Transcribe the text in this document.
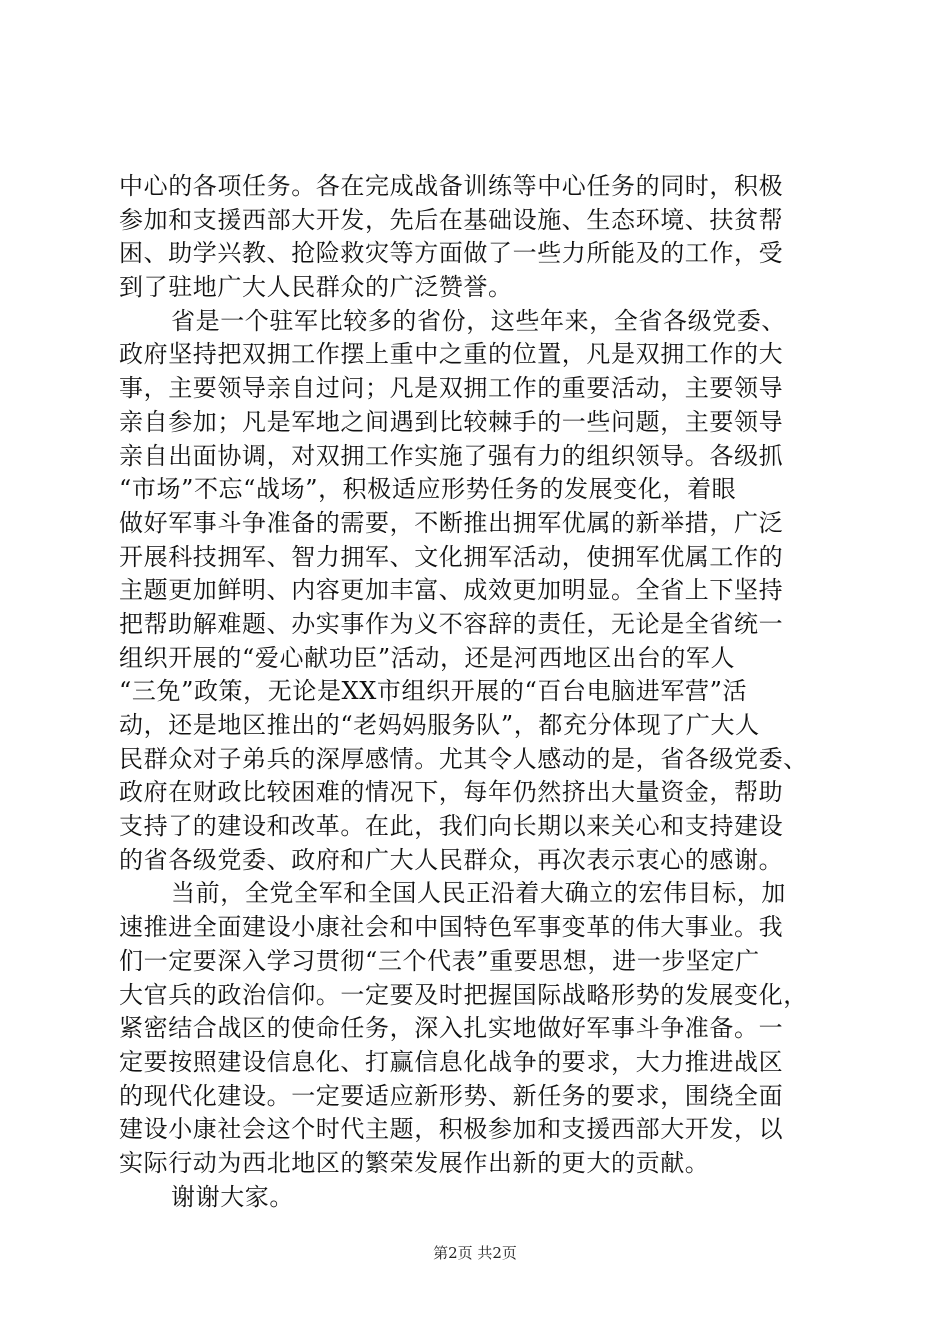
中心的各项任务。各在完成战备训练等中心任务的同时，积极
参加和支援西部大开发，先后在基础设施、生态环境、扶贫帮
困、助学兴教、抢险救灾等方面做了一些力所能及的工作，受
到了驻地广大人民群众的广泛赞誉。
省是一个驻军比较多的省份，这些年来，全省各级党委、
政府坚持把双拥工作摆上重中之重的位置，凡是双拥工作的大
事，主要领导亲自过问；凡是双拥工作的重要活动，主要领导
亲自参加；凡是军地之间遇到比较棘手的一些问题，主要领导
亲自出面协调，对双拥工作实施了强有力的组织领导。各级抓
“市场”不忘“战场”，积极适应形势任务的发展变化，着眼
做好军事斗争准备的需要，不断推出拥军优属的新举措，广泛
开展科技拥军、智力拥军、文化拥军活动，使拥军优属工作的
主题更加鲜明、内容更加丰富、成效更加明显。全省上下坚持
把帮助解难题、办实事作为义不容辞的责任，无论是全省统一
组织开展的“爱心献功臣”活动，还是河西地区出台的军人
“三免”政策，无论是XX市组织开展的“百台电脑进军营”活
动，还是地区推出的“老妈妈服务队”，都充分体现了广大人
民群众对子弟兵的深厚感情。尤其令人感动的是，省各级党委、
政府在财政比较困难的情况下，每年仍然挤出大量资金，帮助
支持了的建设和改革。在此，我们向长期以来关心和支持建设
的省各级党委、政府和广大人民群众，再次表示衷心的感谢。
当前，全党全军和全国人民正沿着大确立的宏伟目标，加
速推进全面建设小康社会和中国特色军事变革的伟大事业。我
们一定要深入学习贯彻“三个代表”重要思想，进一步坚定广
大官兵的政治信仰。一定要及时把握国际战略形势的发展变化，
紧密结合战区的使命任务，深入扎实地做好军事斗争准备。一
定要按照建设信息化、打赢信息化战争的要求，大力推进战区
的现代化建设。一定要适应新形势、新任务的要求，围绕全面
建设小康社会这个时代主题，积极参加和支援西部大开发，以
实际行动为西北地区的繁荣发展作出新的更大的贡献。
谢谢大家。
第2页 共2页
